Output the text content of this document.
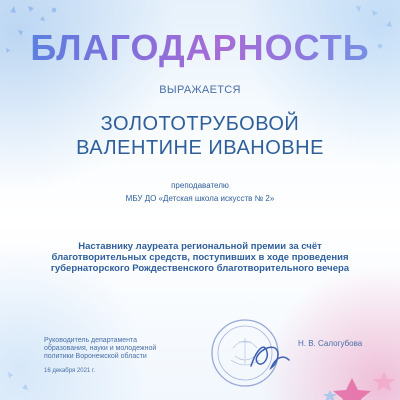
БЛАГОДАРНОСТЬ
ВЫРАЖАЕТСЯ
ЗОЛОТОТРУБОВОЙ
ВАЛЕНТИНЕ ИВАНОВНЕ
преподавателю
МБУ ДО «Детская школа искусств № 2»
Наставнику лауреата региональной премии за счёт
благотворительных средств, поступивших в ходе проведения
губернаторского Рождественского благотворительного вечера
Руководитель департамента
образования, науки и молодежной
политики Воронежской области
16 декабря 2021 г.
Н. В. Салогубова
